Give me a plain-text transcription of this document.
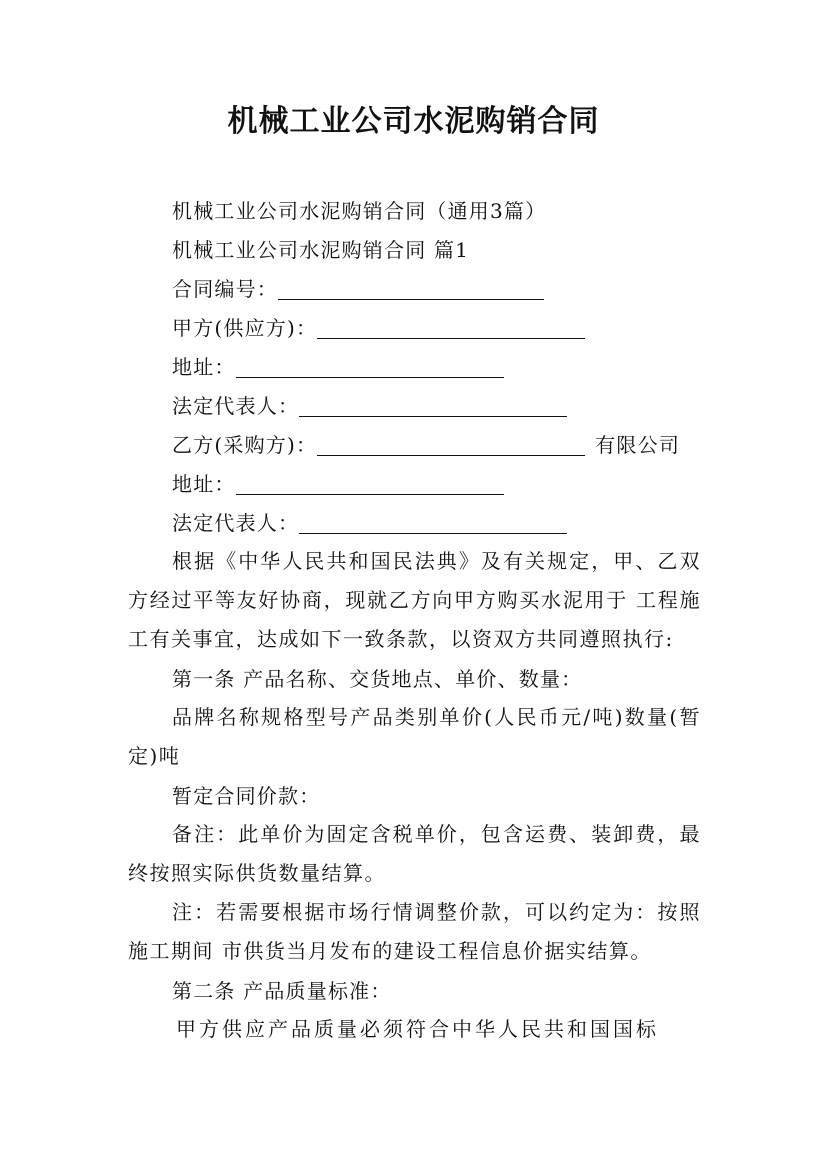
机械工业公司水泥购销合同
机械工业公司水泥购销合同（通用3篇）
机械工业公司水泥购销合同 篇1
合同编号：
甲方(供应方)：
地址：
法定代表人：
乙方(采购方)：	有限公司
地址：
法定代表人：
根据《中华人民共和国民法典》及有关规定，甲、乙双方经过平等友好协商，现就乙方向甲方购买水泥用于 工程施工有关事宜，达成如下一致条款，以资双方共同遵照执行:
第一条 产品名称、交货地点、单价、数量：
品牌名称规格型号产品类别单价(人民币元/吨)数量(暂定)吨
暂定合同价款：
备注：此单价为固定含税单价，包含运费、装卸费，最终按照实际供货数量结算。
注：若需要根据市场行情调整价款，可以约定为：按照施工期间 市供货当月发布的建设工程信息价据实结算。
第二条 产品质量标准：
甲方供应产品质量必须符合中华人民共和国国标
